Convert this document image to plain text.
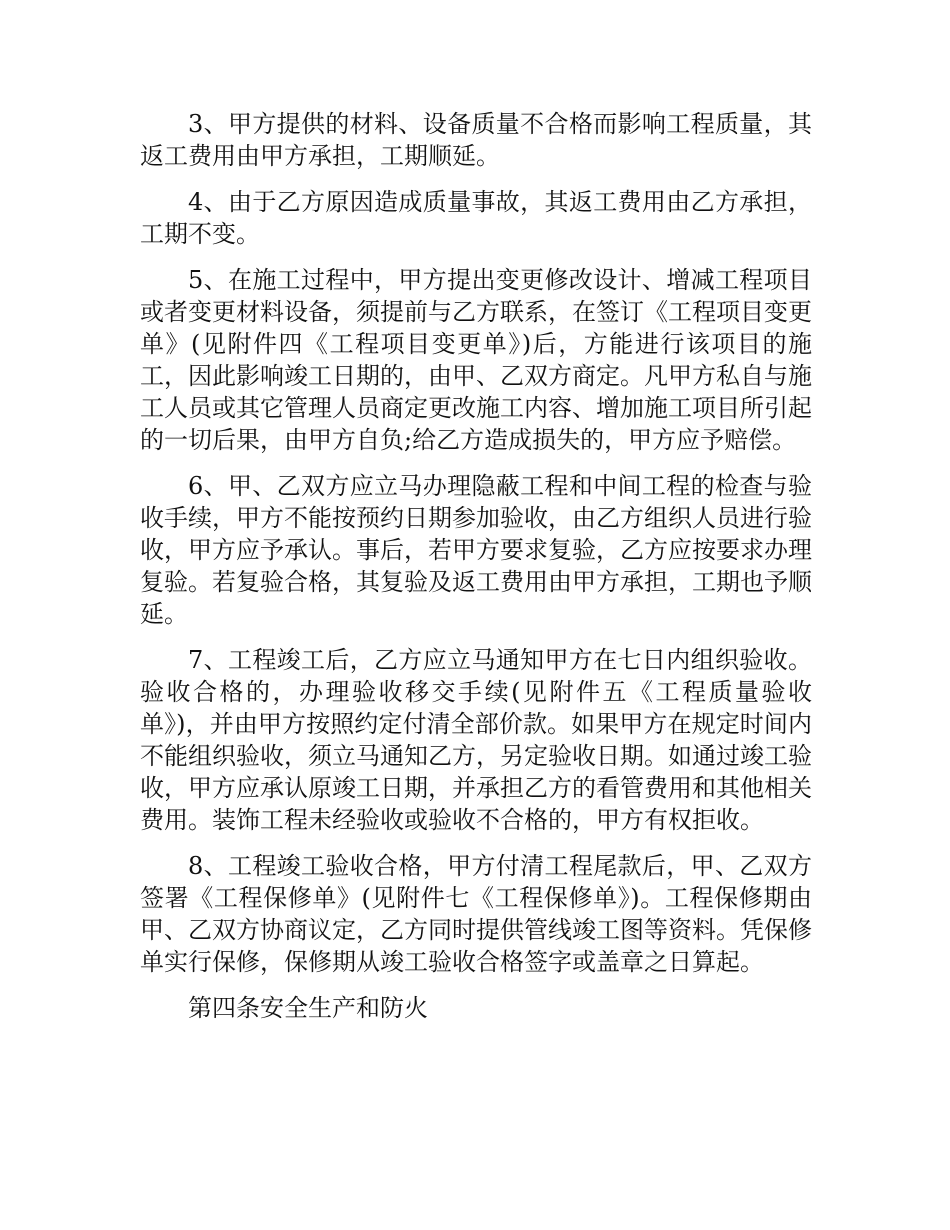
3、甲方提供的材料、设备质量不合格而影响工程质量，其返工费用由甲方承担，工期顺延。

4、由于乙方原因造成质量事故，其返工费用由乙方承担，工期不变。

5、在施工过程中，甲方提出变更修改设计、增减工程项目或者变更材料设备，须提前与乙方联系，在签订《工程项目变更单》(见附件四《工程项目变更单》)后，方能进行该项目的施工，因此影响竣工日期的，由甲、乙双方商定。凡甲方私自与施工人员或其它管理人员商定更改施工内容、增加施工项目所引起的一切后果，由甲方自负;给乙方造成损失的，甲方应予赔偿。

6、甲、乙双方应立马办理隐蔽工程和中间工程的检查与验收手续，甲方不能按预约日期参加验收，由乙方组织人员进行验收，甲方应予承认。事后，若甲方要求复验，乙方应按要求办理复验。若复验合格，其复验及返工费用由甲方承担，工期也予顺延。

7、工程竣工后，乙方应立马通知甲方在七日内组织验收。验收合格的，办理验收移交手续(见附件五《工程质量验收单》)，并由甲方按照约定付清全部价款。如果甲方在规定时间内不能组织验收，须立马通知乙方，另定验收日期。如通过竣工验收，甲方应承认原竣工日期，并承担乙方的看管费用和其他相关费用。装饰工程未经验收或验收不合格的，甲方有权拒收。

8、工程竣工验收合格，甲方付清工程尾款后，甲、乙双方签署《工程保修单》(见附件七《工程保修单》)。工程保修期由甲、乙双方协商议定，乙方同时提供管线竣工图等资料。凭保修单实行保修，保修期从竣工验收合格签字或盖章之日算起。

第四条安全生产和防火
